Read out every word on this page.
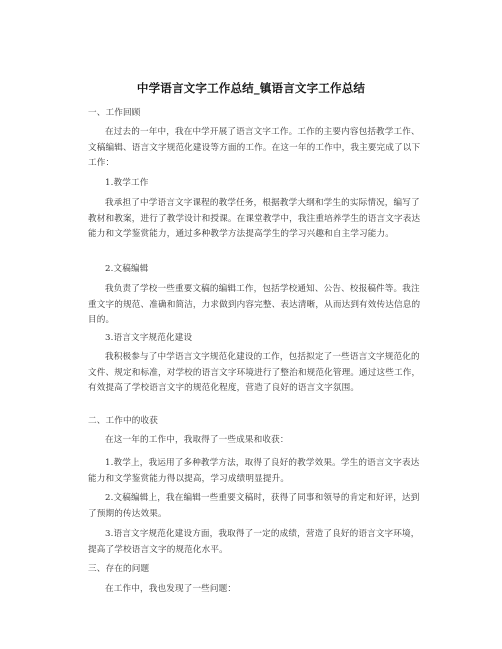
中学语言文字工作总结_镇语言文字工作总结

一、工作回顾

在过去的一年中，我在中学开展了语言文字工作。工作的主要内容包括教学工作、文稿编辑、语言文字规范化建设等方面的工作。在这一年的工作中，我主要完成了以下工作：

1.教学工作

我承担了中学语言文字课程的教学任务，根据教学大纲和学生的实际情况，编写了教材和教案，进行了教学设计和授课。在课堂教学中，我注重培养学生的语言文字表达能力和文学鉴赏能力，通过多种教学方法提高学生的学习兴趣和自主学习能力。

2.文稿编辑

我负责了学校一些重要文稿的编辑工作，包括学校通知、公告、校报稿件等。我注重文字的规范、准确和简洁，力求做到内容完整、表达清晰，从而达到有效传达信息的目的。

3.语言文字规范化建设

我积极参与了中学语言文字规范化建设的工作，包括拟定了一些语言文字规范化的文件、规定和标准，对学校的语言文字环境进行了整治和规范化管理。通过这些工作，有效提高了学校语言文字的规范化程度，营造了良好的语言文字氛围。

二、工作中的收获

在这一年的工作中，我取得了一些成果和收获：

1.教学上，我运用了多种教学方法，取得了良好的教学效果。学生的语言文字表达能力和文学鉴赏能力得以提高，学习成绩明显提升。

2.文稿编辑上，我在编辑一些重要文稿时，获得了同事和领导的肯定和好评，达到了预期的传达效果。

3.语言文字规范化建设方面，我取得了一定的成绩，营造了良好的语言文字环境，提高了学校语言文字的规范化水平。

三、存在的问题

在工作中，我也发现了一些问题：
